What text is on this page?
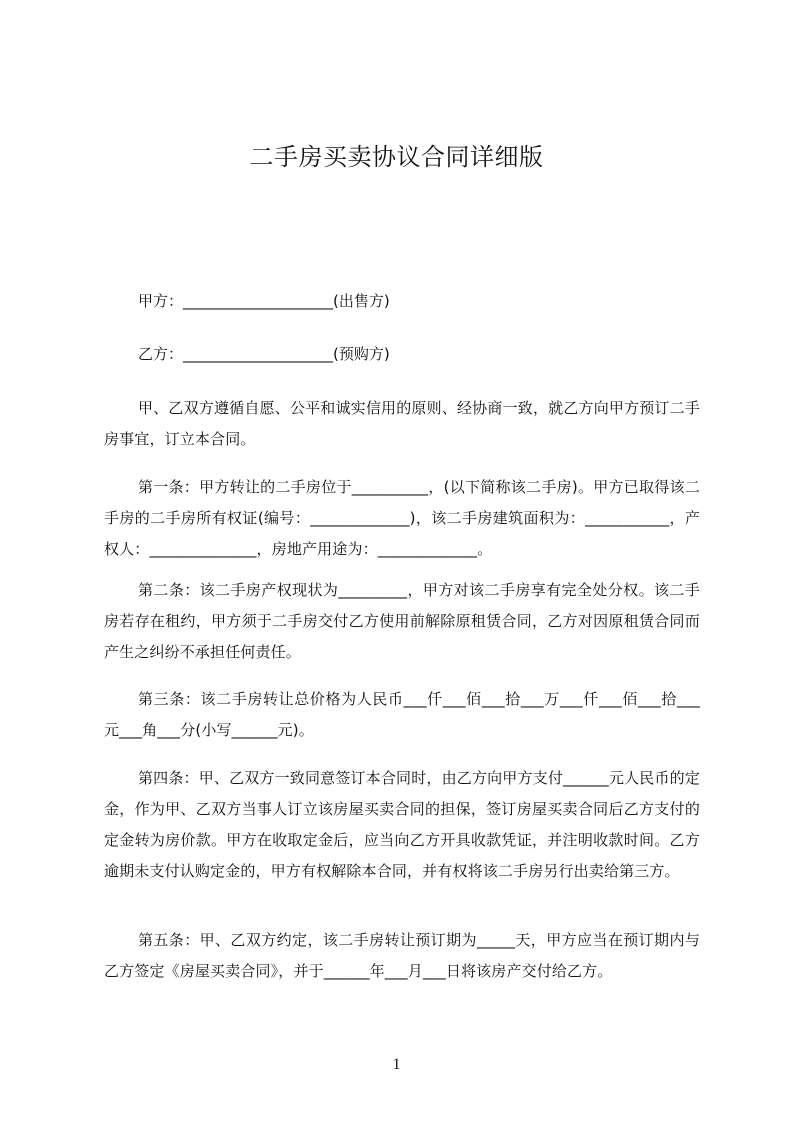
二手房买卖协议合同详细版

甲方：____________________(出售方)

乙方：____________________(预购方)

甲、乙双方遵循自愿、公平和诚实信用的原则、经协商一致，就乙方向甲方预订二手房事宜，订立本合同。

第一条：甲方转让的二手房位于__________，(以下简称该二手房)。甲方已取得该二手房的二手房所有权证(编号：_____________)，该二手房建筑面积为：___________，产权人：______________，房地产用途为：_____________。

第二条：该二手房产权现状为_________，甲方对该二手房享有完全处分权。该二手房若存在租约，甲方须于二手房交付乙方使用前解除原租赁合同，乙方对因原租赁合同而产生之纠纷不承担任何责任。

第三条：该二手房转让总价格为人民币___仟___佰___拾___万___仟___佰___拾___元___角___分(小写______元)。

第四条：甲、乙双方一致同意签订本合同时，由乙方向甲方支付______元人民币的定金，作为甲、乙双方当事人订立该房屋买卖合同的担保，签订房屋买卖合同后乙方支付的定金转为房价款。甲方在收取定金后，应当向乙方开具收款凭证，并注明收款时间。乙方逾期未支付认购定金的，甲方有权解除本合同，并有权将该二手房另行出卖给第三方。

第五条：甲、乙双方约定，该二手房转让预订期为_____天，甲方应当在预订期内与乙方签定《房屋买卖合同》，并于______年___月___日将该房产交付给乙方。

1
